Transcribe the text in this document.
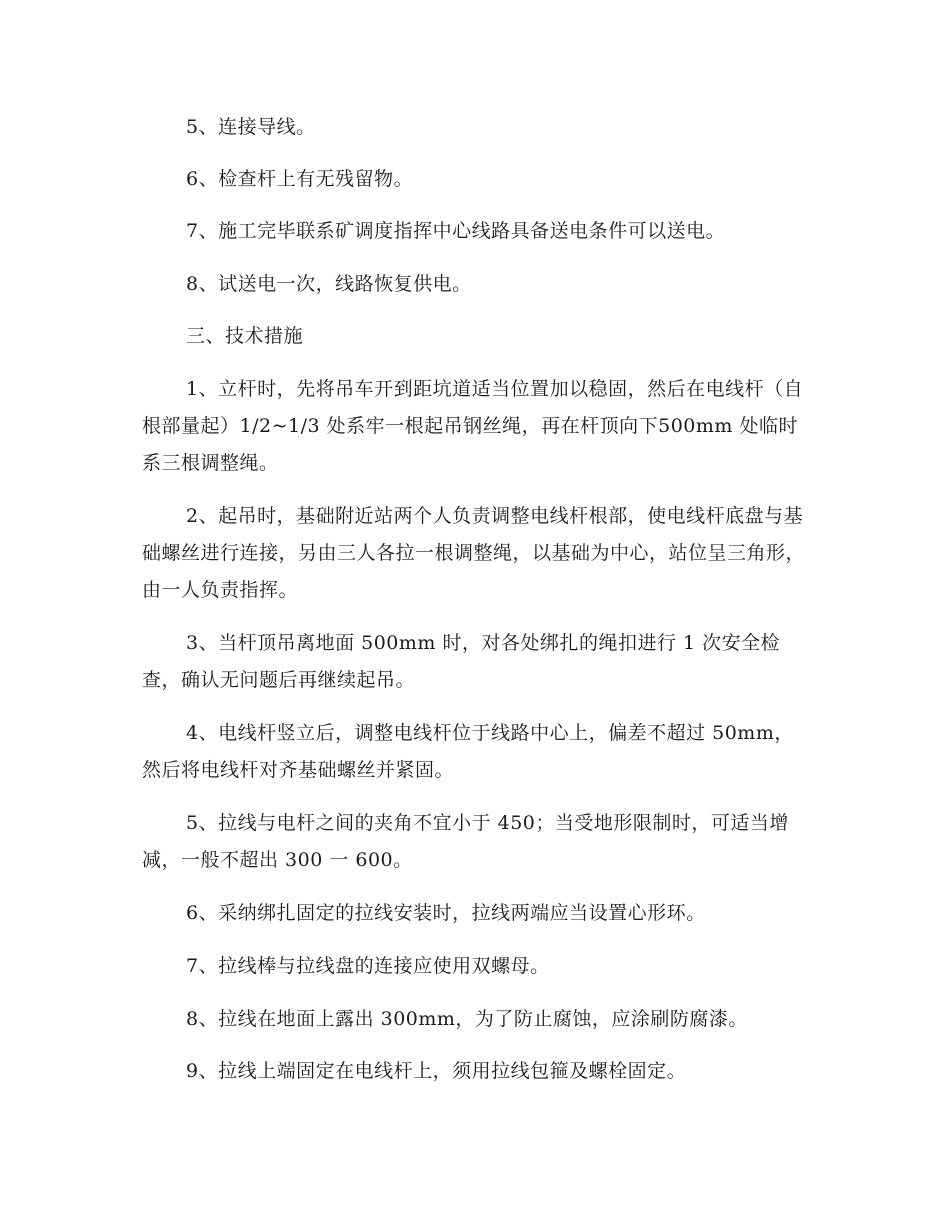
5、连接导线。

6、检查杆上有无残留物。

7、施工完毕联系矿调度指挥中心线路具备送电条件可以送电。

8、试送电一次，线路恢复供电。

三、技术措施

1、立杆时，先将吊车开到距坑道适当位置加以稳固，然后在电线杆（自根部量起）1/2~1/3 处系牢一根起吊钢丝绳，再在杆顶向下500mm 处临时系三根调整绳。

2、起吊时，基础附近站两个人负责调整电线杆根部，使电线杆底盘与基础螺丝进行连接，另由三人各拉一根调整绳，以基础为中心，站位呈三角形，由一人负责指挥。

3、当杆顶吊离地面 500mm 时，对各处绑扎的绳扣进行 1 次安全检查，确认无问题后再继续起吊。

4、电线杆竖立后，调整电线杆位于线路中心上，偏差不超过 50mm，然后将电线杆对齐基础螺丝并紧固。

5、拉线与电杆之间的夹角不宜小于 450；当受地形限制时，可适当增减，一般不超出 300 一 600。

6、采纳绑扎固定的拉线安装时，拉线两端应当设置心形环。

7、拉线棒与拉线盘的连接应使用双螺母。

8、拉线在地面上露出 300mm，为了防止腐蚀，应涂刷防腐漆。

9、拉线上端固定在电线杆上，须用拉线包箍及螺栓固定。
